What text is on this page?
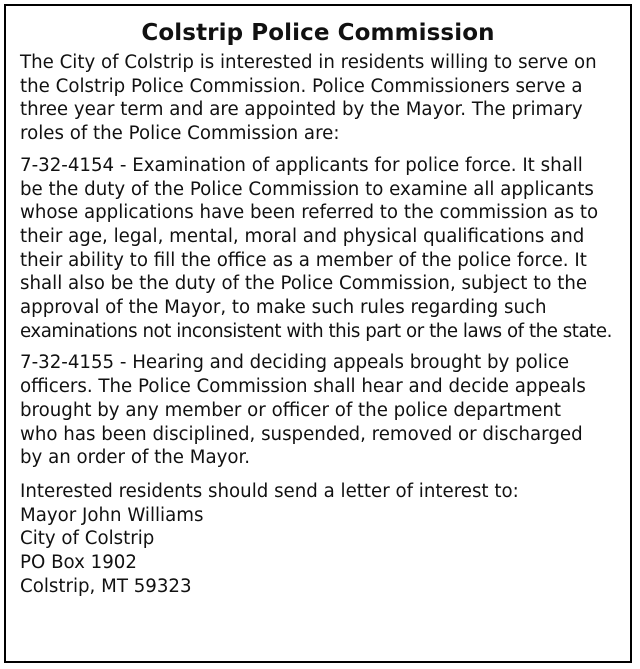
Colstrip Police Commission
The City of Colstrip is interested in residents willing to serve on
the Colstrip Police Commission. Police Commissioners serve a
three year term and are appointed by the Mayor. The primary
roles of the Police Commission are:
7-32-4154 - Examination of applicants for police force. It shall
be the duty of the Police Commission to examine all applicants
whose applications have been referred to the commission as to
their age, legal, mental, moral and physical qualifications and
their ability to fill the office as a member of the police force. It
shall also be the duty of the Police Commission, subject to the
approval of the Mayor, to make such rules regarding such
examinations not inconsistent with this part or the laws of the state.
7-32-4155 - Hearing and deciding appeals brought by police
officers. The Police Commission shall hear and decide appeals
brought by any member or officer of the police department
who has been disciplined, suspended, removed or discharged
by an order of the Mayor.
Interested residents should send a letter of interest to:
Mayor John Williams
City of Colstrip
PO Box 1902
Colstrip, MT 59323
